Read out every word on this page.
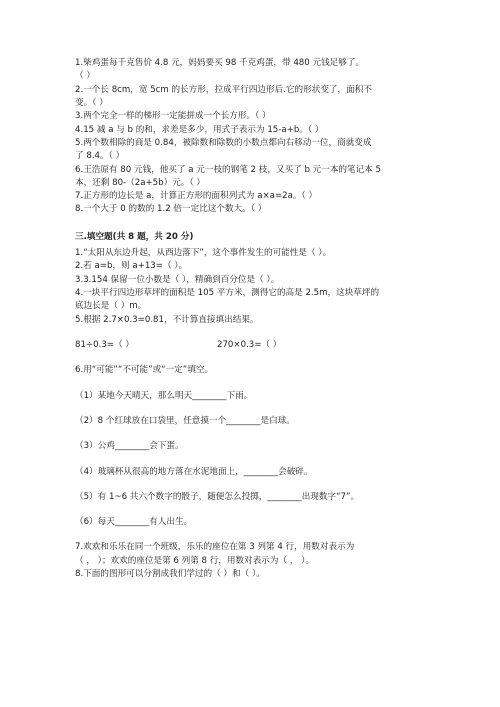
1.柴鸡蛋每千克售价 4.8 元，妈妈要买 98 千克鸡蛋，带 480 元钱足够了。
（ ）
2.一个长 8cm，宽 5cm 的长方形，拉成平行四边形后.它的形状变了，面积不
变。（ ）
3.两个完全一样的梯形一定能拼成一个长方形。（ ）
4.15 减 a 与 b 的和，求差是多少，用式子表示为 15-a+b。（ ）
5.两个数相除的商是 0.84，被除数和除数的小数点都向右移动一位，商就变成
了 8.4。（ ）
6.王浩原有 80 元钱，他买了 a 元一枝的钢笔 2 枝，又买了 b 元一本的笔记本 5
本，还剩 80-（2a+5b）元。（ ）
7.正方形的边长是 a，计算正方形的面积列式为 a×a=2a。（ ）
8.一个大于 0 的数的 1.2 倍一定比这个数大。（ ）
三.填空题(共 8 题，共 20 分)
1.“太阳从东边升起，从西边落下”，这个事件发生的可能性是（ ）。
2.若 a=b，则 a+13=（ ）。
3.3.154 保留一位小数是（ ），精确到百分位是（ ）。
4.一块平行四边形草坪的面积是 105 平方米，测得它的高是 2.5m，这块草坪的
底边长是（ ）m。
5.根据 2.7×0.3=0.81，不计算直接填出结果。
81÷0.3=（ ）	270×0.3=（ ）
6.用“可能”“不可能”或“一定”填空。
（1）某地今天晴天，那么明天________下雨。
（2）8 个红球放在口袋里，任意摸一个________是白球。
（3）公鸡________会下蛋。
（4）玻璃杯从很高的地方落在水泥地面上，________会破碎。
（5）有 1~6 共六个数字的骰子，随便怎么投掷，________出现数字“7”。
（6）每天________有人出生。
7.欢欢和乐乐在同一个班级，乐乐的座位在第 3 列第 4 行，用数对表示为
（ ， ）；欢欢的座位是第 6 列第 8 行，用数对表示为（ ， ）。
8.下面的图形可以分割成我们学过的（ ）和（ ）。
